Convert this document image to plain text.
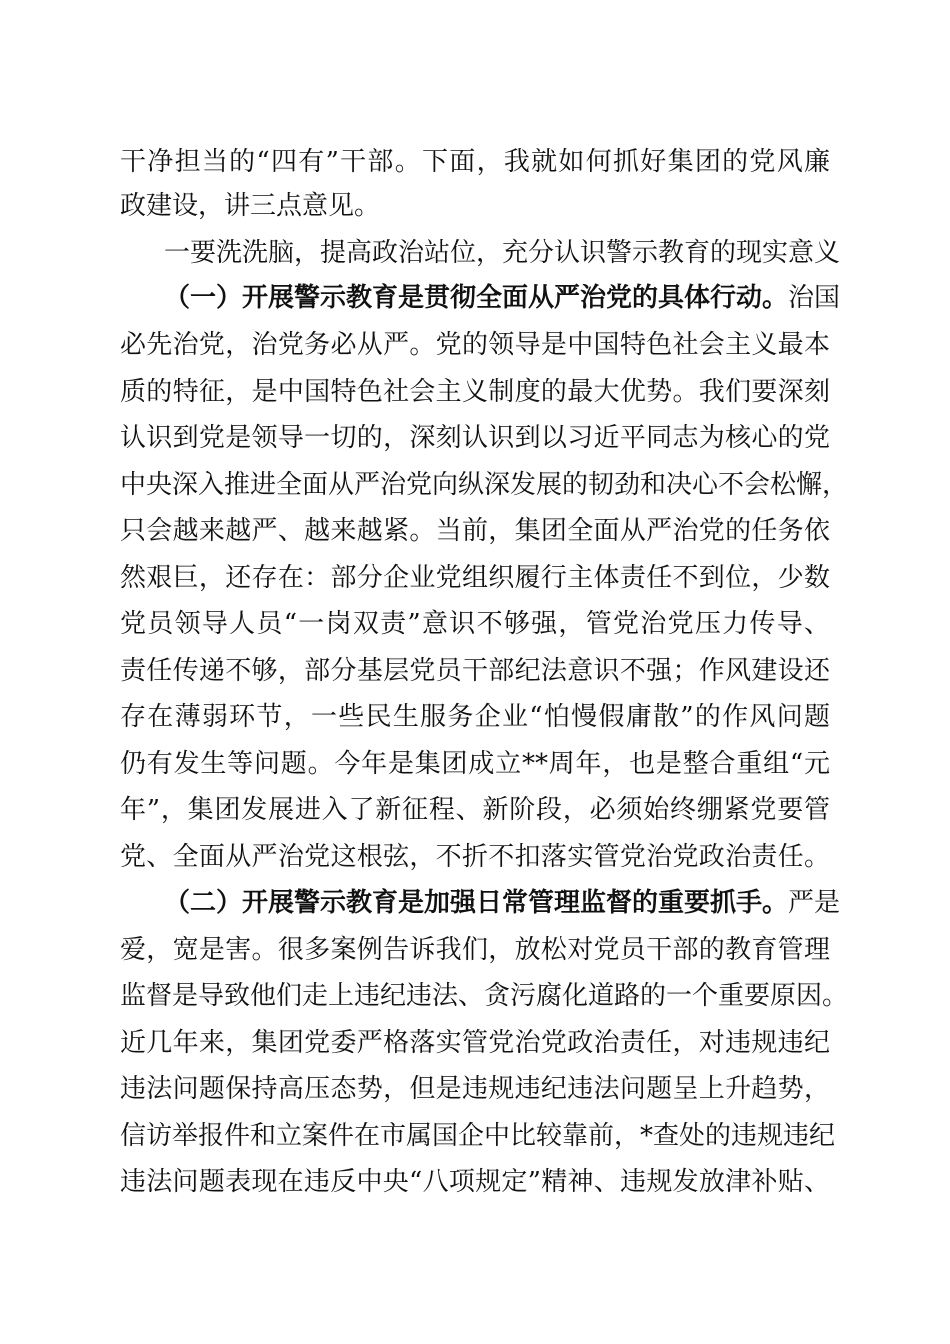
干净担当的“四有”干部。下面，我就如何抓好集团的党风廉
政建设，讲三点意见。
一要洗洗脑，提高政治站位，充分认识警示教育的现实意义
（一）开展警示教育是贯彻全面从严治党的具体行动。治国
必先治党，治党务必从严。党的领导是中国特色社会主义最本
质的特征，是中国特色社会主义制度的最大优势。我们要深刻
认识到党是领导一切的，深刻认识到以习近平同志为核心的党
中央深入推进全面从严治党向纵深发展的韧劲和决心不会松懈，
只会越来越严、越来越紧。当前，集团全面从严治党的任务依
然艰巨，还存在：部分企业党组织履行主体责任不到位，少数
党员领导人员“一岗双责”意识不够强，管党治党压力传导、
责任传递不够，部分基层党员干部纪法意识不强；作风建设还
存在薄弱环节，一些民生服务企业“怕慢假庸散”的作风问题
仍有发生等问题。今年是集团成立**周年，也是整合重组“元
年”，集团发展进入了新征程、新阶段，必须始终绷紧党要管
党、全面从严治党这根弦，不折不扣落实管党治党政治责任。
（二）开展警示教育是加强日常管理监督的重要抓手。严是
爱，宽是害。很多案例告诉我们，放松对党员干部的教育管理
监督是导致他们走上违纪违法、贪污腐化道路的一个重要原因。
近几年来，集团党委严格落实管党治党政治责任，对违规违纪
违法问题保持高压态势，但是违规违纪违法问题呈上升趋势，
信访举报件和立案件在市属国企中比较靠前，*查处的违规违纪
违法问题表现在违反中央“八项规定”精神、违规发放津补贴、
